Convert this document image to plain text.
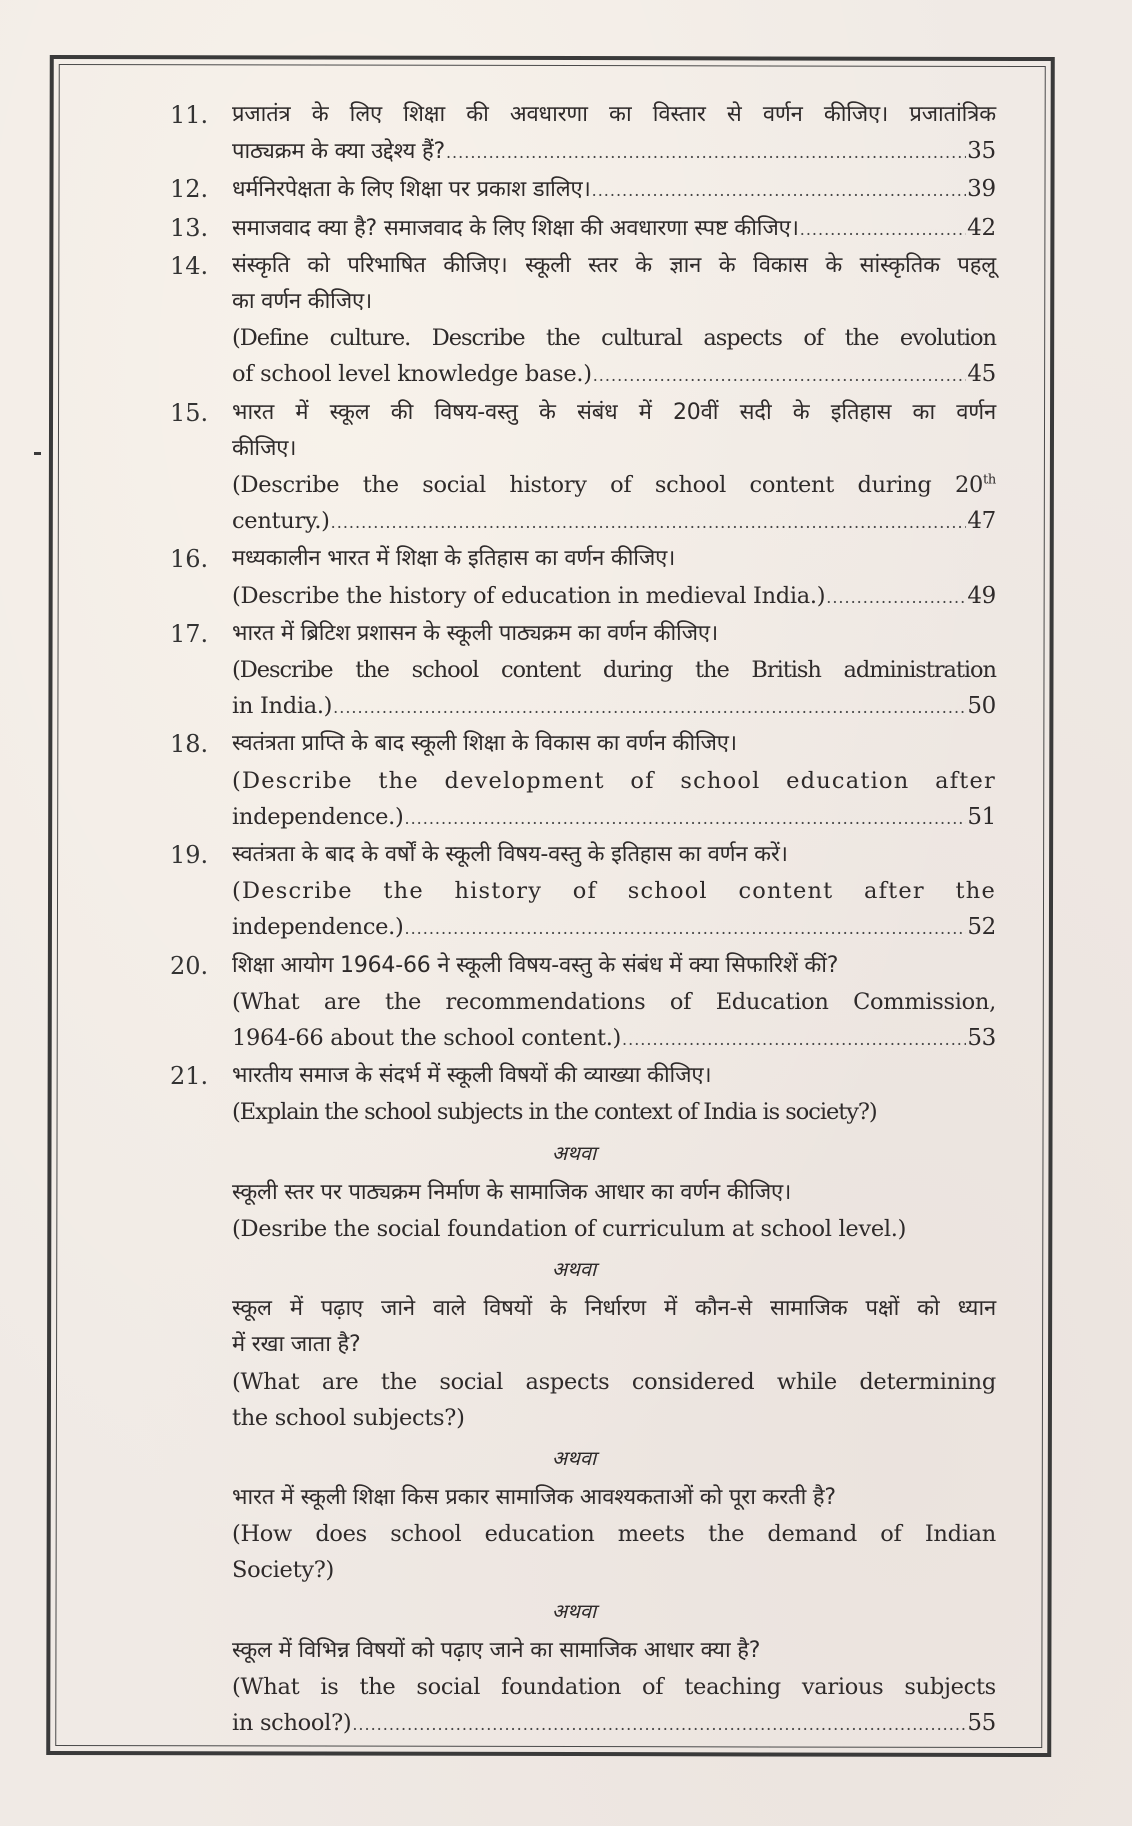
11.	प्रजातंत्र के लिए शिक्षा की अवधारणा का विस्तार से वर्णन कीजिए। प्रजातांत्रिक
पाठ्यक्रम के क्या उद्देश्य हैं? .....	35
12.	धर्मनिरपेक्षता के लिए शिक्षा पर प्रकाश डालिए। .....	39
13.	समाजवाद क्या है? समाजवाद के लिए शिक्षा की अवधारणा स्पष्ट कीजिए। .....	42
14.	संस्कृति को परिभाषित कीजिए। स्कूली स्तर के ज्ञान के विकास के सांस्कृतिक पहलू
का वर्णन कीजिए।
(Define culture. Describe the cultural aspects of the evolution
of school level knowledge base.) .....	45
15.	भारत में स्कूल की विषय-वस्तु के संबंध में 20वीं सदी के इतिहास का वर्णन
कीजिए।
(Describe the social history of school content during 20th
century.) .....	47
16.	मध्यकालीन भारत में शिक्षा के इतिहास का वर्णन कीजिए।
(Describe the history of education in medieval India.) .....	49
17.	भारत में ब्रिटिश प्रशासन के स्कूली पाठ्यक्रम का वर्णन कीजिए।
(Describe the school content during the British administration
in India.) .....	50
18.	स्वतंत्रता प्राप्ति के बाद स्कूली शिक्षा के विकास का वर्णन कीजिए।
(Describe the development of school education after
independence.) .....	51
19.	स्वतंत्रता के बाद के वर्षों के स्कूली विषय-वस्तु के इतिहास का वर्णन करें।
(Describe the history of school content after the
independence.) .....	52
20.	शिक्षा आयोग 1964-66 ने स्कूली विषय-वस्तु के संबंध में क्या सिफारिशें कीं?
(What are the recommendations of Education Commission,
1964-66 about the school content.) .....	53
21.	भारतीय समाज के संदर्भ में स्कूली विषयों की व्याख्या कीजिए।
(Explain the school subjects in the context of India is society?)
अथवा
स्कूली स्तर पर पाठ्यक्रम निर्माण के सामाजिक आधार का वर्णन कीजिए।
(Desribe the social foundation of curriculum at school level.)
अथवा
स्कूल में पढ़ाए जाने वाले विषयों के निर्धारण में कौन-से सामाजिक पक्षों को ध्यान
में रखा जाता है?
(What are the social aspects considered while determining
the school subjects?)
अथवा
भारत में स्कूली शिक्षा किस प्रकार सामाजिक आवश्यकताओं को पूरा करती है?
(How does school education meets the demand of Indian
Society?)
अथवा
स्कूल में विभिन्न विषयों को पढ़ाए जाने का सामाजिक आधार क्या है?
(What is the social foundation of teaching various subjects
in school?) .....	55
